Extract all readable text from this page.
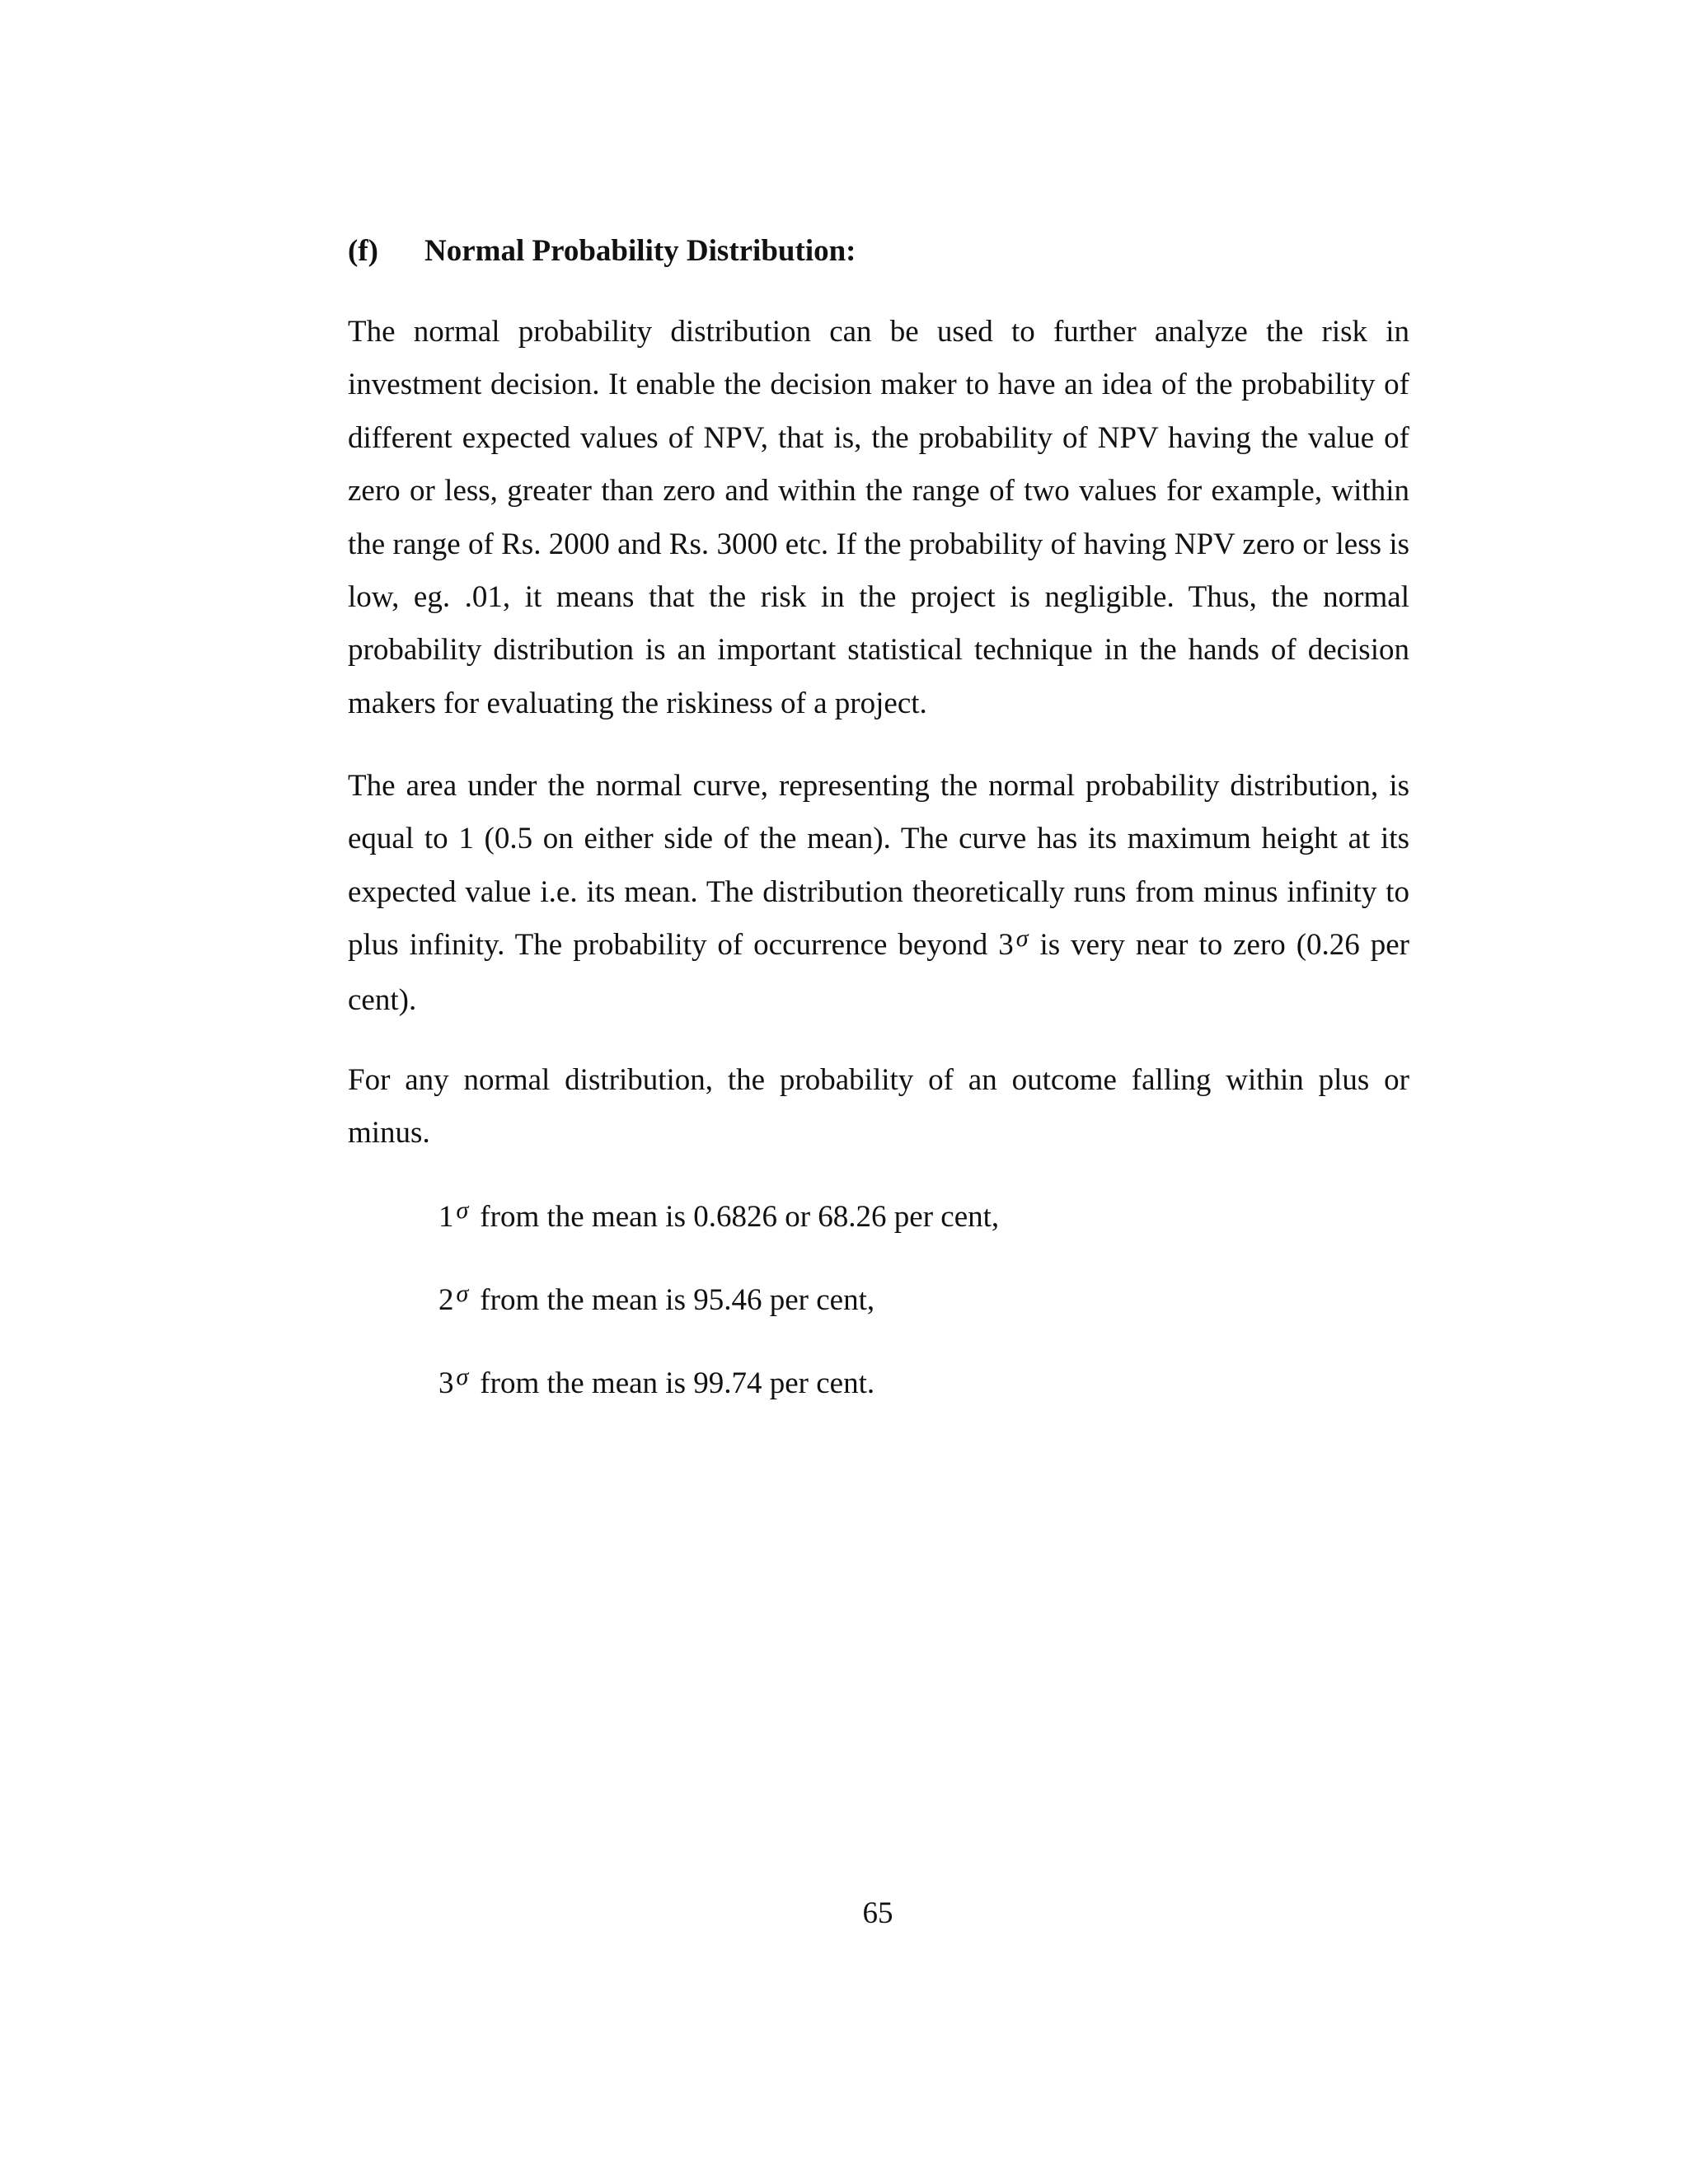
(f) Normal Probability Distribution:

The normal probability distribution can be used to further analyze the risk in investment decision. It enable the decision maker to have an idea of the probability of different expected values of NPV, that is, the probability of NPV having the value of zero or less, greater than zero and within the range of two values for example, within the range of Rs. 2000 and Rs. 3000 etc. If the probability of having NPV zero or less is low, eg. .01, it means that the risk in the project is negligible. Thus, the normal probability distribution is an important statistical technique in the hands of decision makers for evaluating the riskiness of a project.

The area under the normal curve, representing the normal probability distribution, is equal to 1 (0.5 on either side of the mean). The curve has its maximum height at its expected value i.e. its mean. The distribution theoretically runs from minus infinity to plus infinity. The probability of occurrence beyond 3 $^\sigma$ is very near to zero (0.26 per cent).

For any normal distribution, the probability of an outcome falling within plus or minus.

1 $^\sigma$ from the mean is 0.6826 or 68.26 per cent,
2 $^\sigma$ from the mean is 95.46 per cent,
3 $^\sigma$ from the mean is 99.74 per cent.
65
